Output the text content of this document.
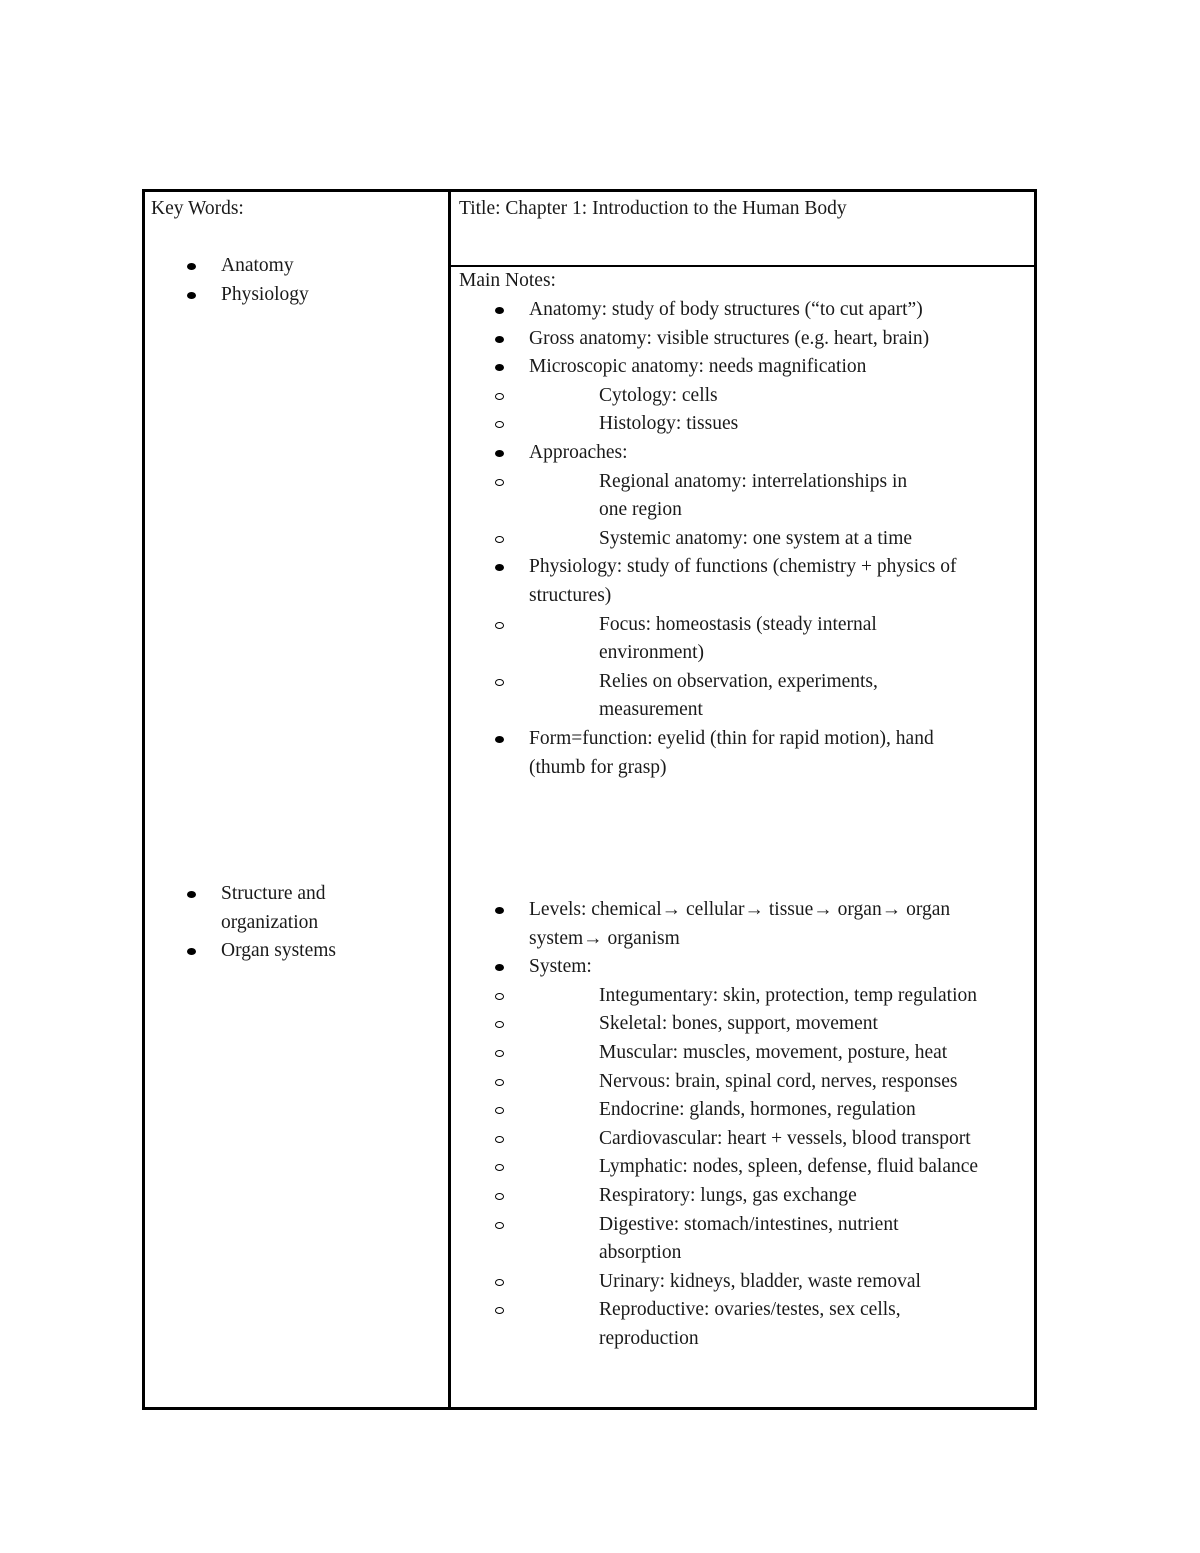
Key Words:
Anatomy
Physiology
Structure and organization
Organ systems
Title: Chapter 1: Introduction to the Human Body
Main Notes:
Anatomy: study of body structures (“to cut apart”)
Gross anatomy: visible structures (e.g. heart, brain)
Microscopic anatomy: needs magnification
Cytology: cells
Histology: tissues
Approaches:
Regional anatomy: interrelationships in one region
Systemic anatomy: one system at a time
Physiology: study of functions (chemistry + physics of structures)
Focus: homeostasis (steady internal environment)
Relies on observation, experiments, measurement
Form=function: eyelid (thin for rapid motion), hand (thumb for grasp)
Levels: chemical→ cellular→ tissue→ organ→ organ system→ organism
System:
Integumentary: skin, protection, temp regulation
Skeletal: bones, support, movement
Muscular: muscles, movement, posture, heat
Nervous: brain, spinal cord, nerves, responses
Endocrine: glands, hormones, regulation
Cardiovascular: heart + vessels, blood transport
Lymphatic: nodes, spleen, defense, fluid balance
Respiratory: lungs, gas exchange
Digestive: stomach/intestines, nutrient absorption
Urinary: kidneys, bladder, waste removal
Reproductive: ovaries/testes, sex cells, reproduction
